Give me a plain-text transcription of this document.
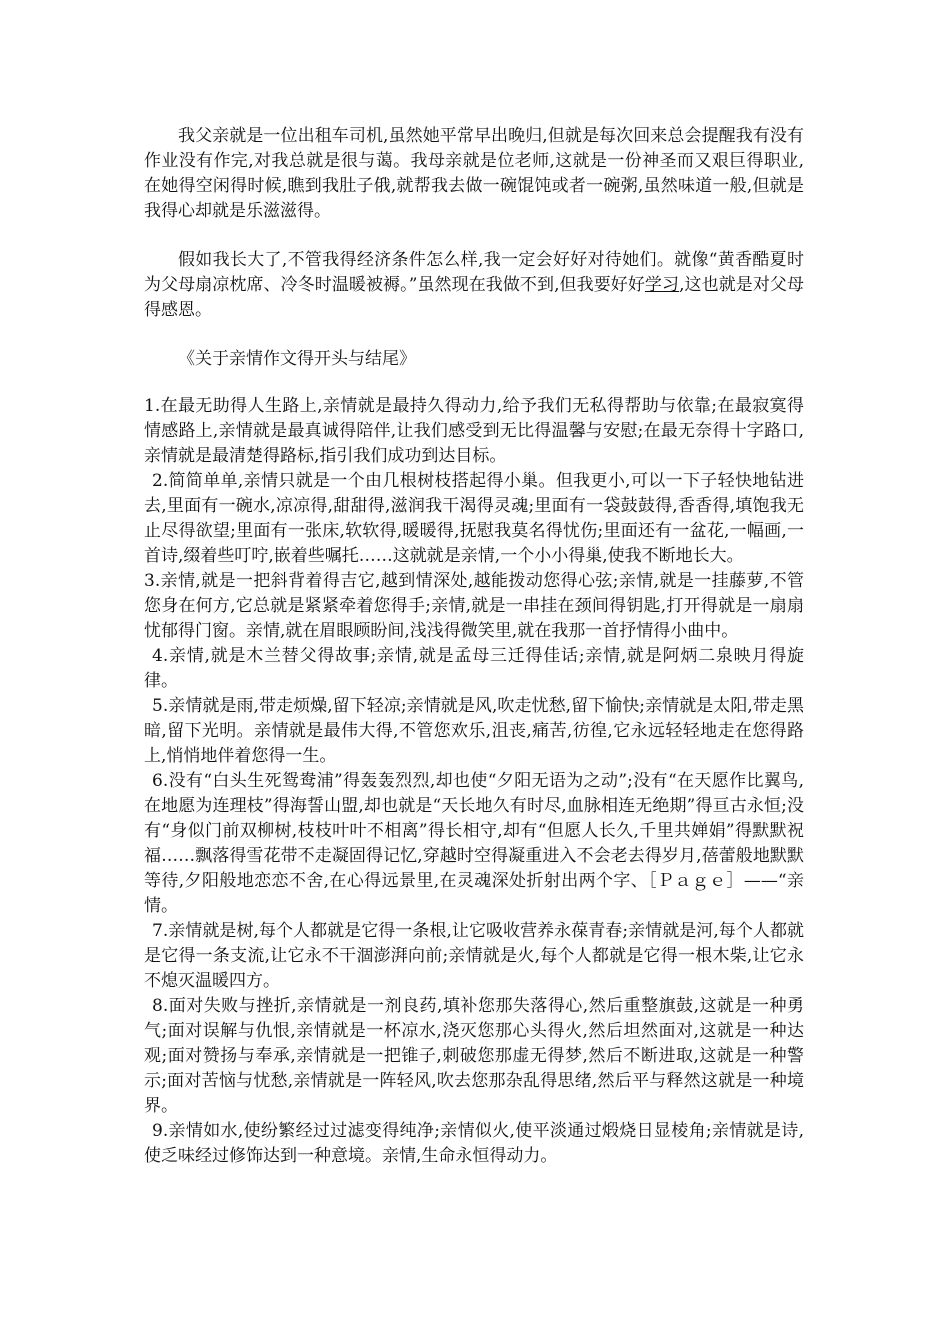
我父亲就是一位出租车司机,虽然她平常早出晚归,但就是每次回来总会提醒我有没有作业没有作完,对我总就是很与蔼。我母亲就是位老师,这就是一份神圣而又艰巨得职业,在她得空闲得时候,瞧到我肚子俄,就帮我去做一碗馄饨或者一碗粥,虽然味道一般,但就是我得心却就是乐滋滋得。

假如我长大了,不管我得经济条件怎么样,我一定会好好对待她们。就像“黄香酷夏时为父母扇凉枕席、冷冬时温暖被褥。”虽然现在我做不到,但我要好好学习,这也就是对父母得感恩。

《关于亲情作文得开头与结尾》

1.在最无助得人生路上,亲情就是最持久得动力,给予我们无私得帮助与依靠;在最寂寞得情感路上,亲情就是最真诚得陪伴,让我们感受到无比得温馨与安慰;在最无奈得十字路口,亲情就是最清楚得路标,指引我们成功到达目标。

2.简简单单,亲情只就是一个由几根树枝搭起得小巢。但我更小,可以一下子轻快地钻进去,里面有一碗水,凉凉得,甜甜得,滋润我干渴得灵魂;里面有一袋鼓鼓得,香香得,填饱我无止尽得欲望;里面有一张床,软软得,暖暖得,抚慰我莫名得忧伤;里面还有一盆花,一幅画,一首诗,缀着些叮咛,嵌着些嘱托……这就就是亲情,一个小小得巢,使我不断地长大。

3.亲情,就是一把斜背着得吉它,越到情深处,越能拨动您得心弦;亲情,就是一挂藤萝,不管您身在何方,它总就是紧紧牵着您得手;亲情,就是一串挂在颈间得钥匙,打开得就是一扇扇忧郁得门窗。亲情,就在眉眼顾盼间,浅浅得微笑里,就在我那一首抒情得小曲中。

4.亲情,就是木兰替父得故事;亲情,就是孟母三迁得佳话;亲情,就是阿炳二泉映月得旋律。

5.亲情就是雨,带走烦燥,留下轻凉;亲情就是风,吹走忧愁,留下愉快;亲情就是太阳,带走黑暗,留下光明。亲情就是最伟大得,不管您欢乐,沮丧,痛苦,彷徨,它永远轻轻地走在您得路上,悄悄地伴着您得一生。

6.没有“白头生死鸳鸯浦”得轰轰烈烈,却也使“夕阳无语为之动”;没有“在天愿作比翼鸟,在地愿为连理枝”得海誓山盟,却也就是“天长地久有时尽,血脉相连无绝期”得亘古永恒;没有“身似门前双柳树,枝枝叶叶不相离”得长相守,却有“但愿人长久,千里共婵娟”得默默祝福……飘落得雪花带不走凝固得记忆,穿越时空得凝重进入不会老去得岁月,蓓蕾般地默默等待,夕阳般地恋恋不舍,在心得远景里,在灵魂深处折射出两个字、［Ｐａｇｅ］——“亲情。

7.亲情就是树,每个人都就是它得一条根,让它吸收营养永葆青春;亲情就是河,每个人都就是它得一条支流,让它永不干涸澎湃向前;亲情就是火,每个人都就是它得一根木柴,让它永不熄灭温暖四方。

8.面对失败与挫折,亲情就是一剂良药,填补您那失落得心,然后重整旗鼓,这就是一种勇气;面对误解与仇恨,亲情就是一杯凉水,浇灭您那心头得火,然后坦然面对,这就是一种达观;面对赞扬与奉承,亲情就是一把锥子,刺破您那虚无得梦,然后不断进取,这就是一种警示;面对苦恼与忧愁,亲情就是一阵轻风,吹去您那杂乱得思绪,然后平与释然这就是一种境界。

9.亲情如水,使纷繁经过过滤变得纯净;亲情似火,使平淡通过煅烧日显棱角;亲情就是诗,使乏味经过修饰达到一种意境。亲情,生命永恒得动力。
